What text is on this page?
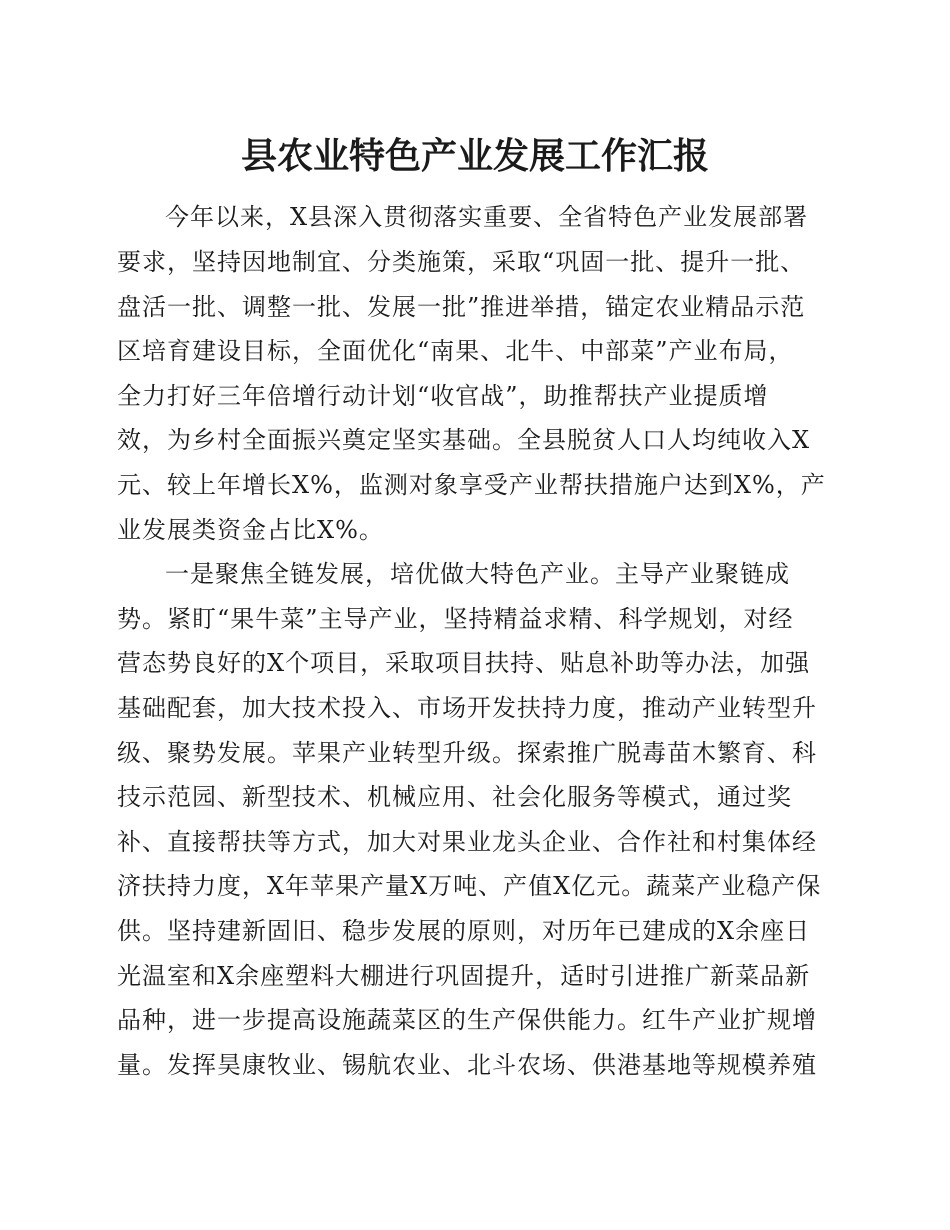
县农业特色产业发展工作汇报
今年以来，X县深入贯彻落实重要、全省特色产业发展部署
要求，坚持因地制宜、分类施策，采取“巩固一批、提升一批、
盘活一批、调整一批、发展一批”推进举措，锚定农业精品示范
区培育建设目标，全面优化“南果、北牛、中部菜”产业布局，
全力打好三年倍增行动计划“收官战”，助推帮扶产业提质增
效，为乡村全面振兴奠定坚实基础。全县脱贫人口人均纯收入X
元、较上年增长X%，监测对象享受产业帮扶措施户达到X%，产
业发展类资金占比X%。
一是聚焦全链发展，培优做大特色产业。主导产业聚链成
势。紧盯“果牛菜”主导产业，坚持精益求精、科学规划，对经
营态势良好的X个项目，采取项目扶持、贴息补助等办法，加强
基础配套，加大技术投入、市场开发扶持力度，推动产业转型升
级、聚势发展。苹果产业转型升级。探索推广脱毒苗木繁育、科
技示范园、新型技术、机械应用、社会化服务等模式，通过奖
补、直接帮扶等方式，加大对果业龙头企业、合作社和村集体经
济扶持力度，X年苹果产量X万吨、产值X亿元。蔬菜产业稳产保
供。坚持建新固旧、稳步发展的原则，对历年已建成的X余座日
光温室和X余座塑料大棚进行巩固提升，适时引进推广新菜品新
品种，进一步提高设施蔬菜区的生产保供能力。红牛产业扩规增
量。发挥昊康牧业、锡航农业、北斗农场、供港基地等规模养殖
